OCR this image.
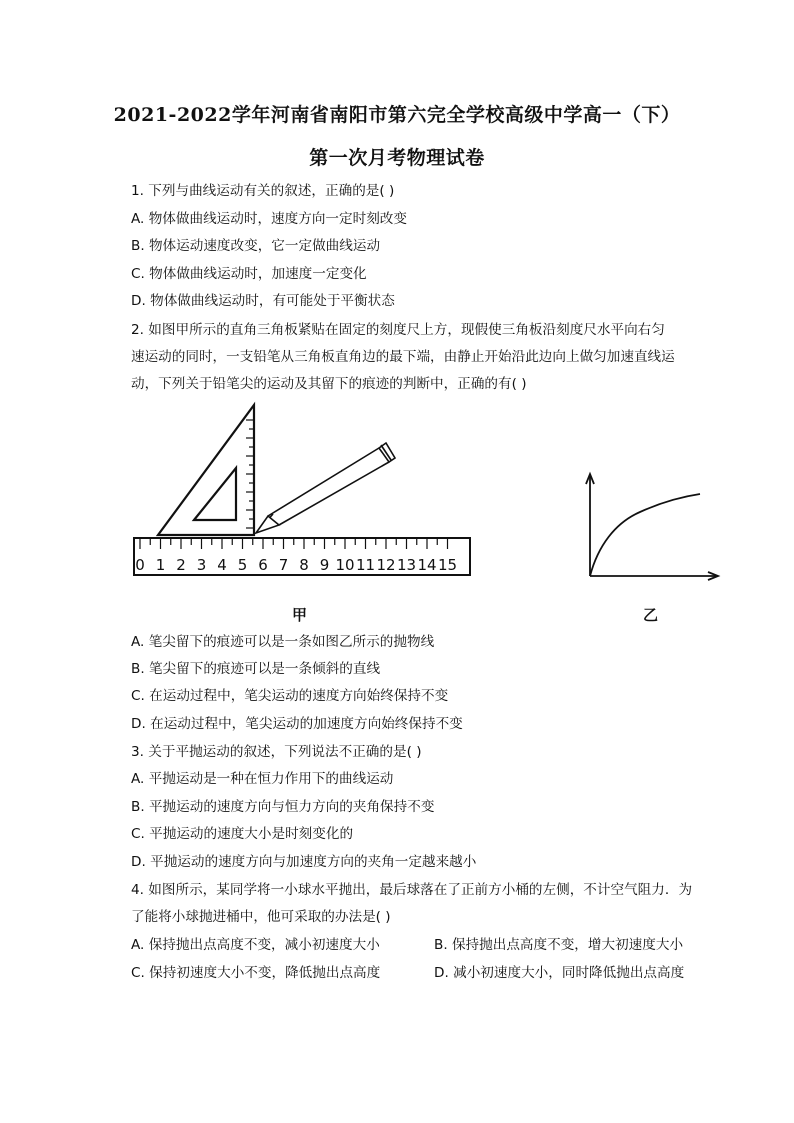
2021-2022学年河南省南阳市第六完全学校高级中学高一（下）
第一次月考物理试卷
1. 下列与曲线运动有关的叙述，正确的是( )
A. 物体做曲线运动时，速度方向一定时刻改变
B. 物体运动速度改变，它一定做曲线运动
C. 物体做曲线运动时，加速度一定变化
D. 物体做曲线运动时，有可能处于平衡状态
2. 如图甲所示的直角三角板紧贴在固定的刻度尺上方，现假使三角板沿刻度尺水平向右匀
速运动的同时，一支铅笔从三角板直角边的最下端，由静止开始沿此边向上做匀加速直线运
动，下列关于铅笔尖的运动及其留下的痕迹的判断中，正确的有( )
0 1 2 3 4 5 6 7 8 9 10 11 12 13 14 15
甲	乙
A. 笔尖留下的痕迹可以是一条如图乙所示的抛物线
B. 笔尖留下的痕迹可以是一条倾斜的直线
C. 在运动过程中，笔尖运动的速度方向始终保持不变
D. 在运动过程中，笔尖运动的加速度方向始终保持不变
3. 关于平抛运动的叙述，下列说法不正确的是( )
A. 平抛运动是一种在恒力作用下的曲线运动
B. 平抛运动的速度方向与恒力方向的夹角保持不变
C. 平抛运动的速度大小是时刻变化的
D. 平抛运动的速度方向与加速度方向的夹角一定越来越小
4. 如图所示，某同学将一小球水平抛出，最后球落在了正前方小桶的左侧，不计空气阻力．为
了能将小球抛进桶中，他可采取的办法是( )
A. 保持抛出点高度不变，减小初速度大小	B. 保持抛出点高度不变，增大初速度大小
C. 保持初速度大小不变，降低抛出点高度	D. 减小初速度大小，同时降低抛出点高度
